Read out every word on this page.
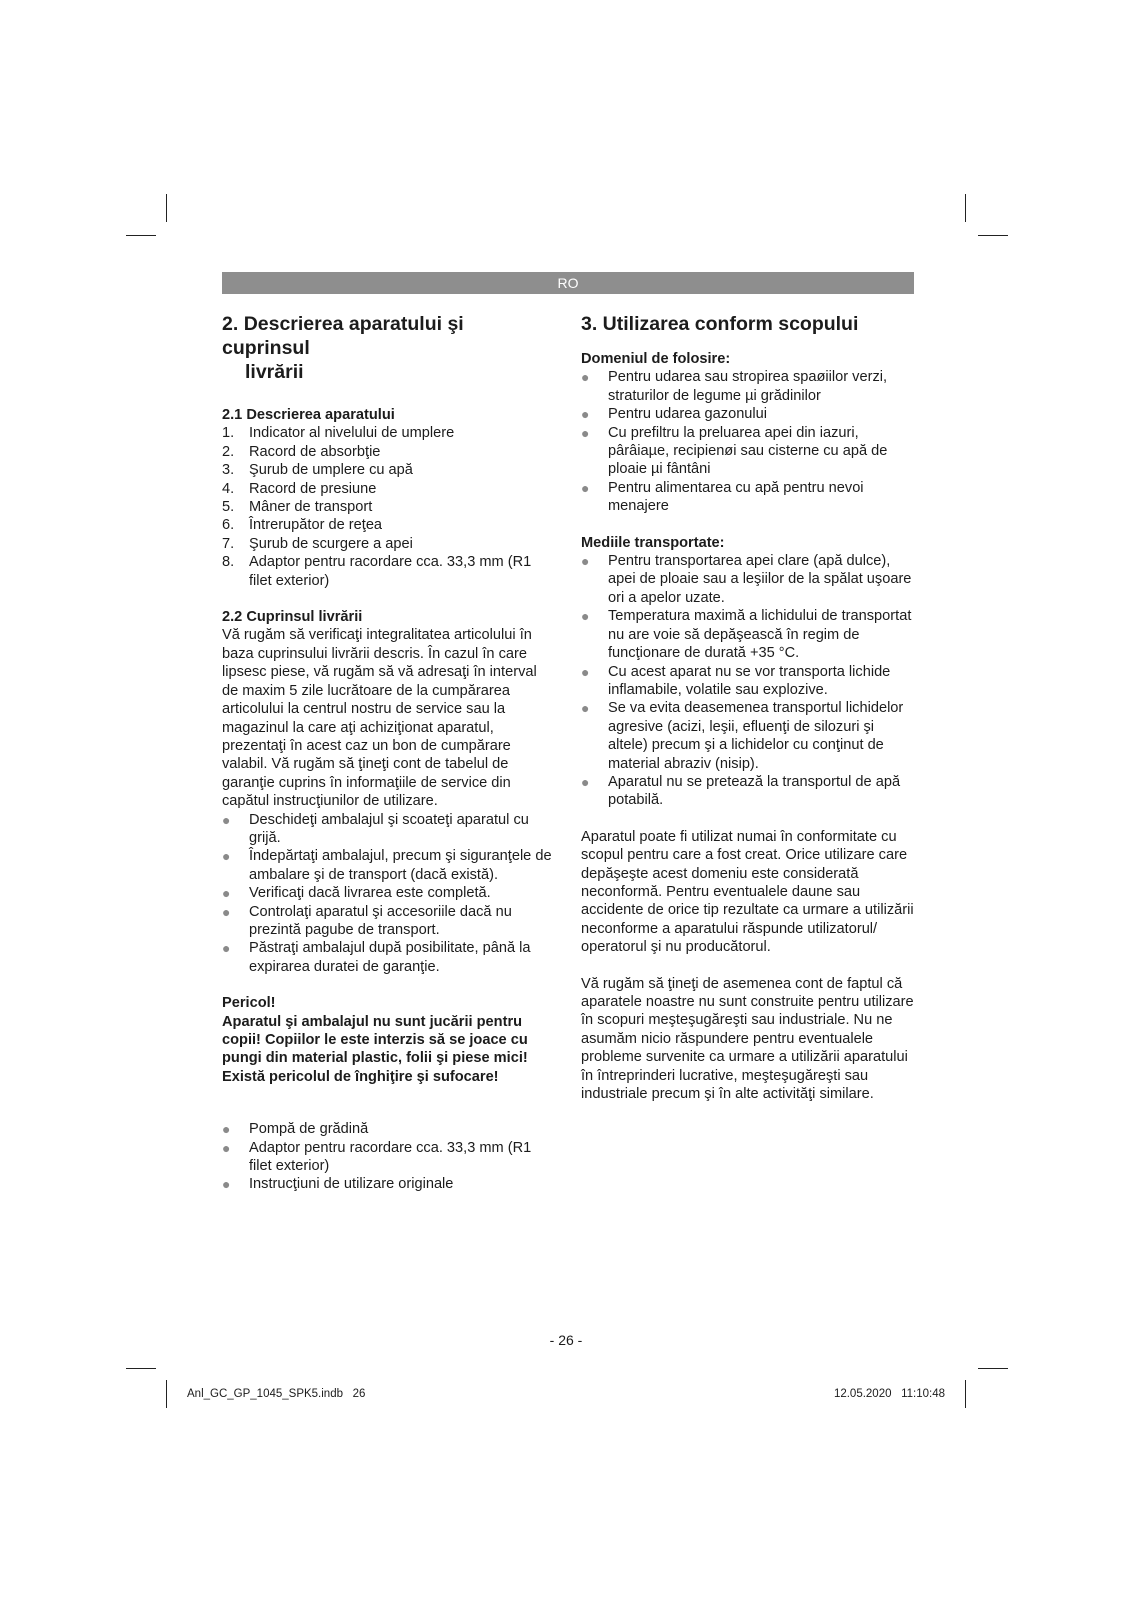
RO
2. Descrierea aparatului şi cuprinsul
livrării

2.1 Descrierea aparatului

1. Indicator al nivelului de umplere
2. Racord de absorbţie
3. Şurub de umplere cu apă
4. Racord de presiune
5. Mâner de transport
6. Întrerupător de reţea
7. Şurub de scurgere a apei
8. Adaptor pentru racordare cca. 33,3 mm (R1 filet exterior)

2.2 Cuprinsul livrării

Vă rugăm să verificaţi integralitatea articolului în baza cuprinsului livrării descris. În cazul în care lipsesc piese, vă rugăm să vă adresaţi în interval de maxim 5 zile lucrătoare de la cumpărarea articolului la centrul nostru de service sau la magazinul la care aţi achiziţionat aparatul, prezentaţi în acest caz un bon de cumpărare valabil. Vă rugăm să ţineţi cont de tabelul de garanţie cuprins în informaţiile de service din capătul instrucţiunilor de utilizare.

● Deschideţi ambalajul şi scoateţi aparatul cu grijă.
● Îndepărtaţi ambalajul, precum şi siguranţele de ambalare şi de transport (dacă există).
● Verificaţi dacă livrarea este completă.
● Controlaţi aparatul şi accesoriile dacă nu prezintă pagube de transport.
● Păstraţi ambalajul după posibilitate, până la expirarea duratei de garanţie.

Pericol!

Aparatul şi ambalajul nu sunt jucării pentru copii! Copiilor le este interzis să se joace cu pungi din material plastic, folii şi piese mici! Există pericolul de înghiţire şi sufocare!

● Pompă de grădină
● Adaptor pentru racordare cca. 33,3 mm (R1 filet exterior)
● Instrucţiuni de utilizare originale
3. Utilizarea conform scopului

Domeniul de folosire:

● Pentru udarea sau stropirea spaøiilor verzi, straturilor de legume µi grădinilor
● Pentru udarea gazonului
● Cu prefiltru la preluarea apei din iazuri, pârâiaµe, recipienøi sau cisterne cu apă de ploaie µi fântâni
● Pentru alimentarea cu apă pentru nevoi menajere

Mediile transportate:

● Pentru transportarea apei clare (apă dulce), apei de ploaie sau a leşiilor de la spălat uşoare ori a apelor uzate.
● Temperatura maximă a lichidului de transportat nu are voie să depăşească în regim de funcţionare de durată +35 °C.
● Cu acest aparat nu se vor transporta lichide inflamabile, volatile sau explozive.
● Se va evita deasemenea transportul lichidelor agresive (acizi, leşii, efluenţi de silozuri şi altele) precum şi a lichidelor cu conţinut de material abraziv (nisip).
● Aparatul nu se pretează la transportul de apă potabilă.

Aparatul poate fi utilizat numai în conformitate cu scopul pentru care a fost creat. Orice utilizare care depăşeşte acest domeniu este considerată neconformă. Pentru eventualele daune sau accidente de orice tip rezultate ca urmare a utilizării neconforme a aparatului răspunde utilizatorul/ operatorul şi nu producătorul.

Vă rugăm să ţineţi de asemenea cont de faptul că aparatele noastre nu sunt construite pentru utilizare în scopuri meşteşugăreşti sau industriale. Nu ne asumăm nicio răspundere pentru eventualele probleme survenite ca urmare a utilizării aparatului în întreprinderi lucrative, meşteşugăreşti sau industriale precum şi în alte activităţi similare.

- 26 -
Anl_GC_GP_1045_SPK5.indb   26	12.05.2020   11:10:48
